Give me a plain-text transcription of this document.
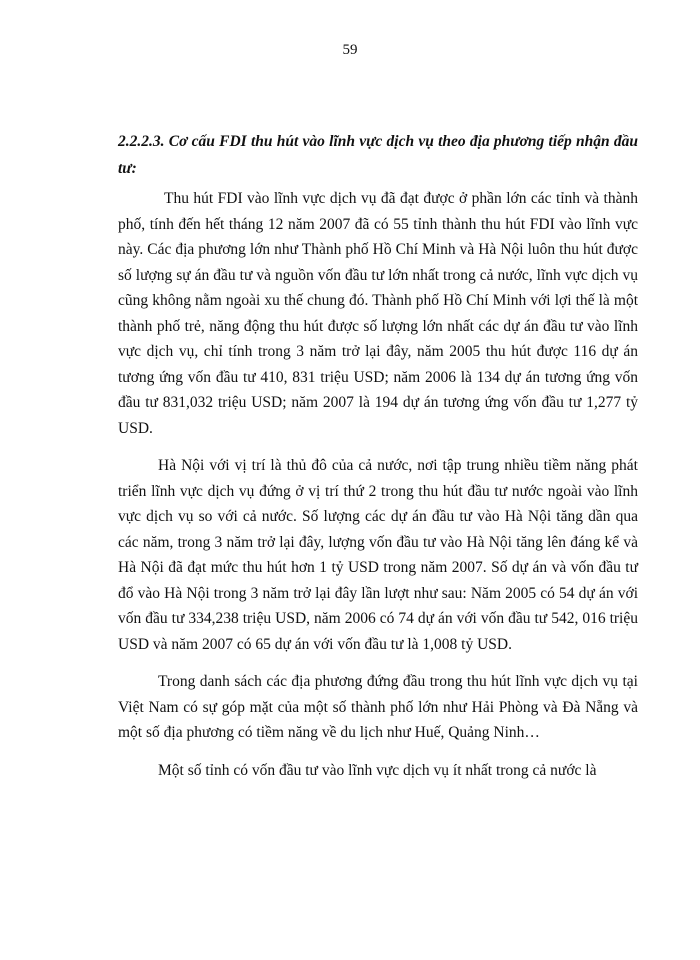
59
2.2.2.3. Cơ cấu FDI thu hút vào lĩnh vực dịch vụ theo địa phương tiếp nhận đầu tư:

Thu hút FDI vào lĩnh vực dịch vụ đã đạt được ở phần lớn các tỉnh và thành phố, tính đến hết tháng 12 năm 2007 đã có 55 tỉnh thành thu hút FDI vào lĩnh vực này. Các địa phương lớn như Thành phố Hồ Chí Minh và Hà Nội luôn thu hút được số lượng sự án đầu tư và nguồn vốn đầu tư lớn nhất trong cả nước, lĩnh vực dịch vụ cũng không nằm ngoài xu thế chung đó. Thành phố Hồ Chí Minh với lợi thế là một thành phố trẻ, năng động thu hút được số lượng lớn nhất các dự án đầu tư vào lĩnh vực dịch vụ, chỉ tính trong 3 năm trở lại đây, năm 2005 thu hút được 116 dự án tương ứng vốn đầu tư 410, 831 triệu USD; năm 2006 là 134 dự án tương ứng vốn đầu tư 831,032 triệu USD; năm 2007 là 194 dự án tương ứng vốn đầu tư 1,277 tỷ USD.

Hà Nội với vị trí là thủ đô của cả nước, nơi tập trung nhiều tiềm năng phát triển lĩnh vực dịch vụ đứng ở vị trí thứ 2 trong thu hút đầu tư nước ngoài vào lĩnh vực dịch vụ so với cả nước. Số lượng các dự án đầu tư vào Hà Nội tăng dần qua các năm, trong 3 năm trở lại đây, lượng vốn đầu tư vào Hà Nội tăng lên đáng kể và Hà Nội đã đạt mức thu hút hơn 1 tỷ USD trong năm 2007. Số dự án và vốn đầu tư đổ vào Hà Nội trong 3 năm trở lại đây lần lượt như sau: Năm 2005 có 54 dự án với vốn đầu tư 334,238 triệu USD, năm 2006 có 74 dự án với vốn đầu tư 542, 016 triệu USD và năm 2007 có 65 dự án với vốn đầu tư là 1,008 tỷ USD.

Trong danh sách các địa phương đứng đầu trong thu hút lĩnh vực dịch vụ tại Việt Nam có sự góp mặt của một số thành phố lớn như Hải Phòng và Đà Nẵng và một số địa phương có tiềm năng về du lịch như Huế, Quảng Ninh…

Một số tỉnh có vốn đầu tư vào lĩnh vực dịch vụ ít nhất trong cả nước là
